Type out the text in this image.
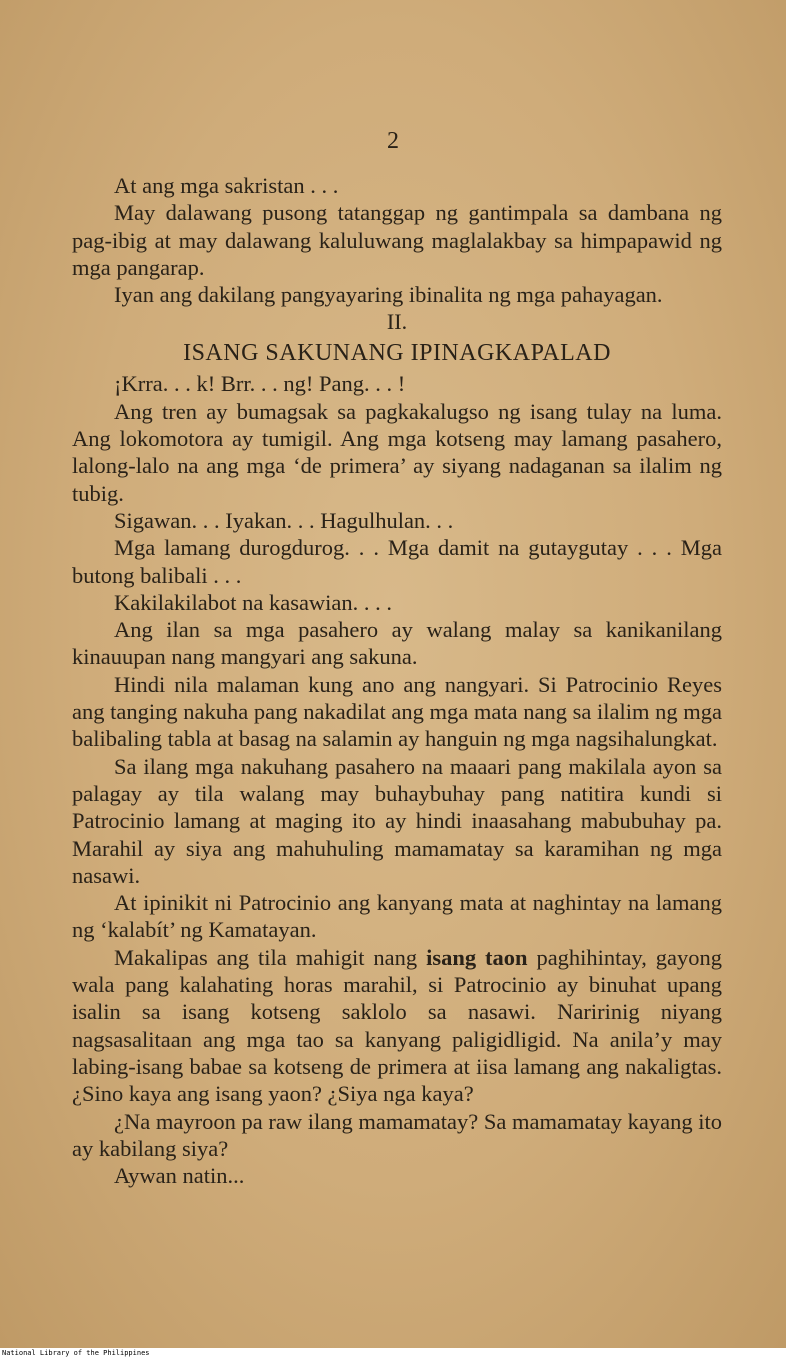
2

At ang mga sakristan . . .

May dalawang pusong tatanggap ng gantimpala sa dambana ng pag-ibig at may dalawang kaluluwang maglalakbay sa himpapawid ng mga pangarap.

Iyan ang dakilang pangyayaring ibinalita ng mga pahayagan.

II.

ISANG SAKUNANG IPINAGKAPALAD

¡Krra. . . k! Brr. . . ng! Pang. . . !

Ang tren ay bumagsak sa pagkakalugso ng isang tulay na luma. Ang lokomotora ay tumigil. Ang mga kotseng may lamang pasahero, lalong-lalo na ang mga ‘de primera’ ay siyang nadaganan sa ilalim ng tubig.

Sigawan. . . Iyakan. . . Hagulhulan. . .

Mga lamang durogdurog. . . Mga damit na gutaygutay . . . Mga butong balibali . . .

Kakilakilabot na kasawian. . . .

Ang ilan sa mga pasahero ay walang malay sa kanikanilang kinauupan nang mangyari ang sakuna.

Hindi nila malaman kung ano ang nangyari. Si Patrocinio Reyes ang tanging nakuha pang nakadilat ang mga mata nang sa ilalim ng mga balibaling tabla at basag na salamin ay hanguin ng mga nagsihalungkat.

Sa ilang mga nakuhang pasahero na maaari pang makilala ayon sa palagay ay tila walang may buhaybuhay pang natitira kundi si Patrocinio lamang at maging ito ay hindi inaasahang mabubuhay pa. Marahil ay siya ang mahuhuling mamamatay sa karamihan ng mga nasawi.

At ipinikit ni Patrocinio ang kanyang mata at naghintay na lamang ng ‘kalabít’ ng Kamatayan.

Makalipas ang tila mahigit nang isang taon paghihintay, gayong wala pang kalahating horas marahil, si Patrocinio ay binuhat upang isalin sa isang kotseng saklolo sa nasawi. Naririnig niyang nagsasalitaan ang mga tao sa kanyang paligidligid. Na anila’y may labing-isang babae sa kotseng de primera at iisa lamang ang nakaligtas. ¿Sino kaya ang isang yaon? ¿Siya nga kaya?

¿Na mayroon pa raw ilang mamamatay? Sa mamamatay kayang ito ay kabilang siya?

Aywan natin...

National Library of the Philippines
